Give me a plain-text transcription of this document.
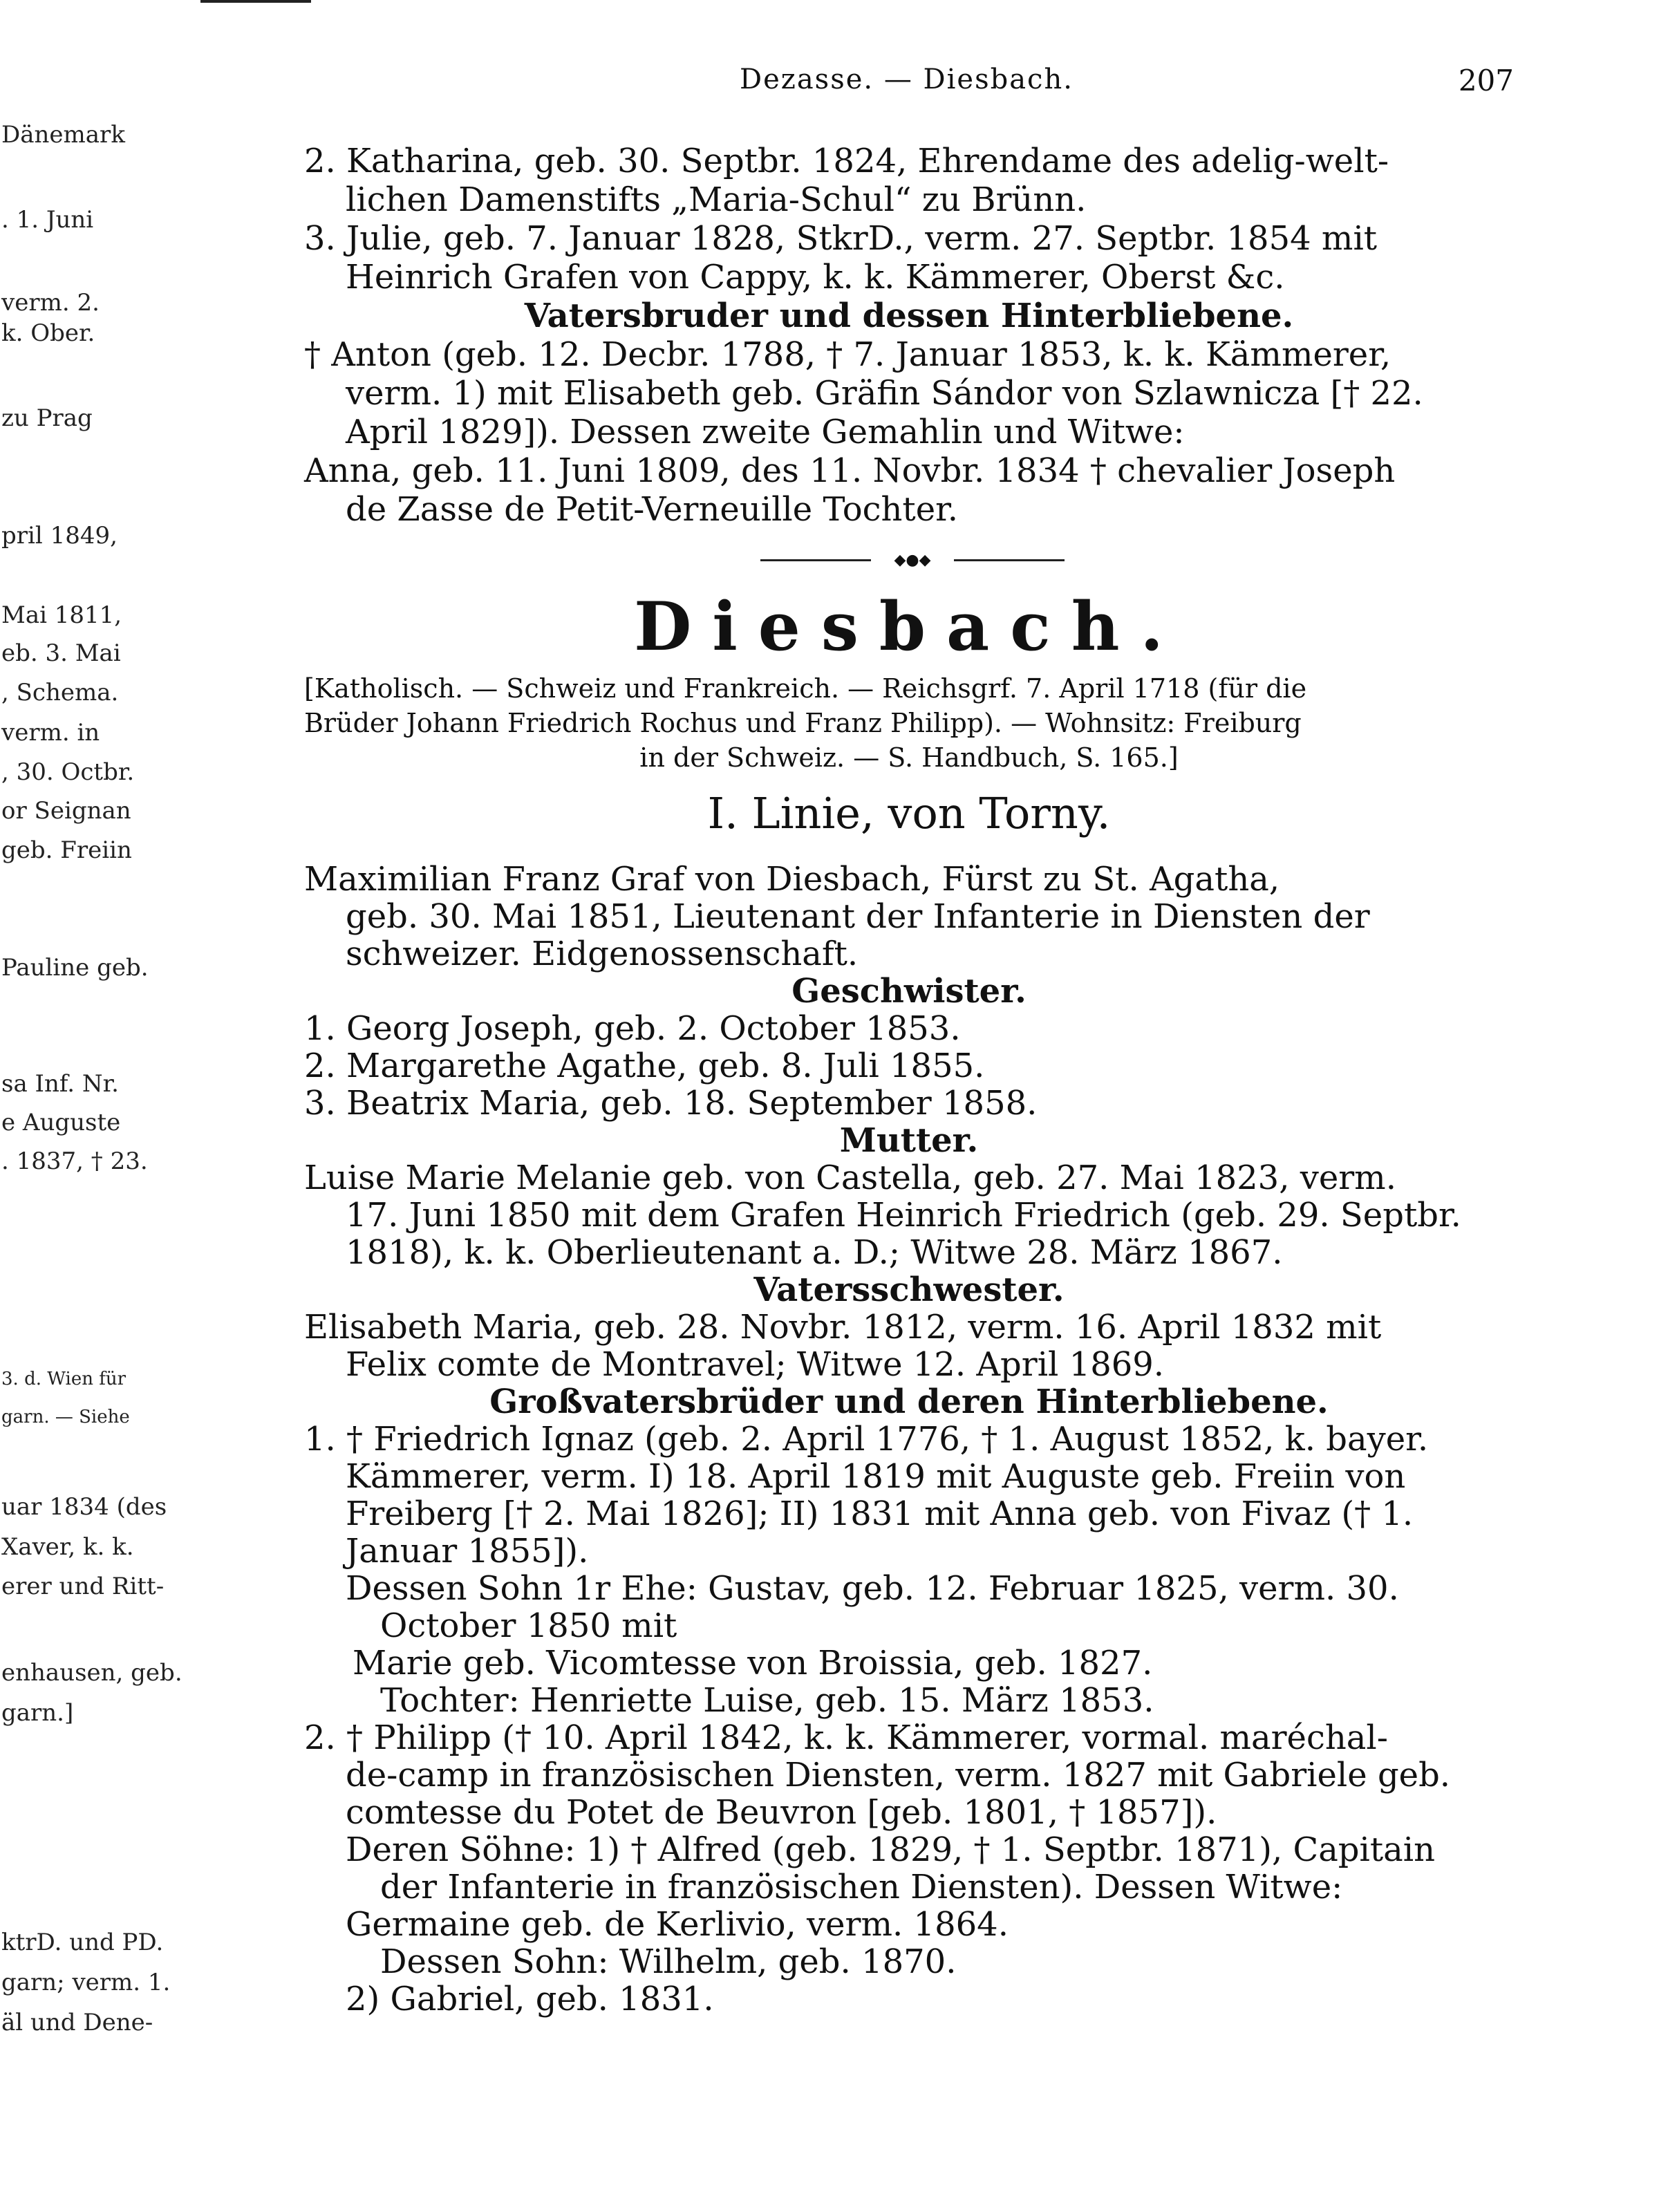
Dänemark
. 1. Juni
verm. 2.
k. Ober.
zu Prag
pril 1849,
Mai 1811,
eb. 3. Mai
, Schema.
verm. in
, 30. Octbr.
or Seignan
geb. Freiin
Pauline geb.
sa Inf. Nr.
e Auguste
. 1837, † 23.
3. d. Wien für
garn. — Siehe
uar 1834 (des
Xaver, k. k.
erer und Ritt-
enhausen, geb.
garn.]
ktrD. und PD.
garn; verm. 1.
äl und Dene-
Dezasse. — Diesbach.	207
2. Katharina, geb. 30. Septbr. 1824, Ehrendame des adelig-welt-
lichen Damenstifts „Maria-Schul“ zu Brünn.
3. Julie, geb. 7. Januar 1828, StkrD., verm. 27. Septbr. 1854 mit
Heinrich Grafen von Cappy, k. k. Kämmerer, Oberst &c.
Vatersbruder und dessen Hinterbliebene.
† Anton (geb. 12. Decbr. 1788, † 7. Januar 1853, k. k. Kämmerer,
verm. 1) mit Elisabeth geb. Gräfin Sándor von Szlawnicza [† 22.
April 1829]). Dessen zweite Gemahlin und Witwe:
Anna, geb. 11. Juni 1809, des 11. Novbr. 1834 † chevalier Joseph
de Zasse de Petit-Verneuille Tochter.
◆●◆
Diesbach.
[Katholisch. — Schweiz und Frankreich. — Reichsgrf. 7. April 1718 (für die
Brüder Johann Friedrich Rochus und Franz Philipp). — Wohnsitz: Freiburg
in der Schweiz. — S. Handbuch, S. 165.]
I. Linie, von Torny.
Maximilian Franz Graf von Diesbach, Fürst zu St. Agatha,
geb. 30. Mai 1851, Lieutenant der Infanterie in Diensten der
schweizer. Eidgenossenschaft.
Geschwister.
1. Georg Joseph, geb. 2. October 1853.
2. Margarethe Agathe, geb. 8. Juli 1855.
3. Beatrix Maria, geb. 18. September 1858.
Mutter.
Luise Marie Melanie geb. von Castella, geb. 27. Mai 1823, verm.
17. Juni 1850 mit dem Grafen Heinrich Friedrich (geb. 29. Septbr.
1818), k. k. Oberlieutenant a. D.; Witwe 28. März 1867.
Vatersschwester.
Elisabeth Maria, geb. 28. Novbr. 1812, verm. 16. April 1832 mit
Felix comte de Montravel; Witwe 12. April 1869.
Großvatersbrüder und deren Hinterbliebene.
1. † Friedrich Ignaz (geb. 2. April 1776, † 1. August 1852, k. bayer.
Kämmerer, verm. I) 18. April 1819 mit Auguste geb. Freiin von
Freiberg [† 2. Mai 1826]; II) 1831 mit Anna geb. von Fivaz († 1.
Januar 1855]).
Dessen Sohn 1r Ehe: Gustav, geb. 12. Februar 1825, verm. 30.
October 1850 mit
Marie geb. Vicomtesse von Broissia, geb. 1827.
Tochter: Henriette Luise, geb. 15. März 1853.
2. † Philipp († 10. April 1842, k. k. Kämmerer, vormal. maréchal-
de-camp in französischen Diensten, verm. 1827 mit Gabriele geb.
comtesse du Potet de Beuvron [geb. 1801, † 1857]).
Deren Söhne: 1) † Alfred (geb. 1829, † 1. Septbr. 1871), Capitain
der Infanterie in französischen Diensten). Dessen Witwe:
Germaine geb. de Kerlivio, verm. 1864.
Dessen Sohn: Wilhelm, geb. 1870.
2) Gabriel, geb. 1831.
